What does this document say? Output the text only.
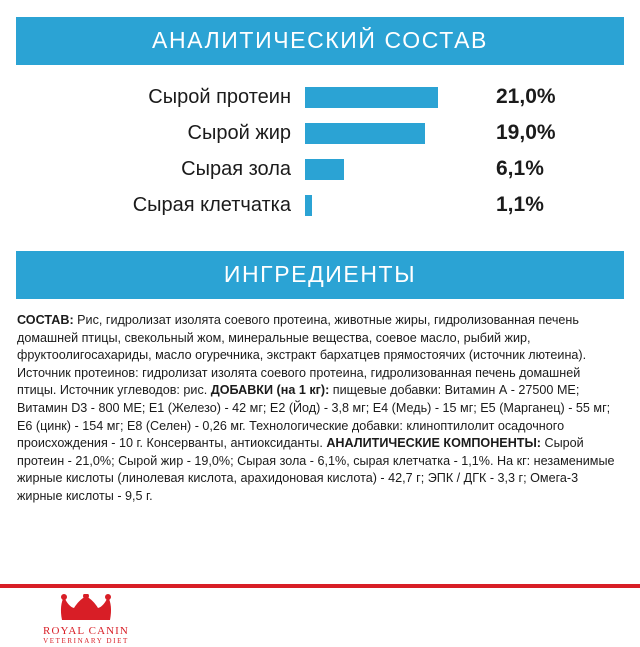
АНАЛИТИЧЕСКИЙ СОСТАВ
Сырой протеин		21,0%
Сырой жир		19,0%
Сырая зола		6,1%
Сырая клетчатка		1,1%
ИНГРЕДИЕНТЫ

СОСТАВ: Рис, гидролизат изолята соевого протеина, животные жиры, гидролизованная печень домашней птицы, свекольный жом, минеральные вещества, соевое масло, рыбий жир, фруктоолигосахариды, масло огуречника, экстракт бархатцев прямостоячих (источник лютеина). Источник протеинов: гидролизат изолята соевого протеина, гидролизованная печень домашней птицы. Источник углеводов: рис. ДОБАВКИ (на 1 кг): пищевые добавки: Витамин А - 27500 МЕ; Витамин D3 - 800 МЕ; Е1 (Железо) - 42 мг; Е2 (Йод) - 3,8 мг; Е4 (Медь) - 15 мг; Е5 (Марганец) - 55 мг; Е6 (цинк) - 154 мг; Е8 (Селен) - 0,26 мг. Технологические добавки: клиноптилолит осадочного происхождения - 10 г. Консерванты, антиоксиданты. АНАЛИТИЧЕСКИЕ КОМПОНЕНТЫ: Сырой протеин - 21,0%; Сырой жир - 19,0%; Сырая зола - 6,1%, сырая клетчатка - 1,1%. На кг: незаменимые жирные кислоты (линолевая кислота, арахидоновая кислота) - 42,7 г; ЭПК / ДГК - 3,3 г; Омега-3 жирные кислоты - 9,5 г.

ROYAL CANIN
VETERINARY DIET
